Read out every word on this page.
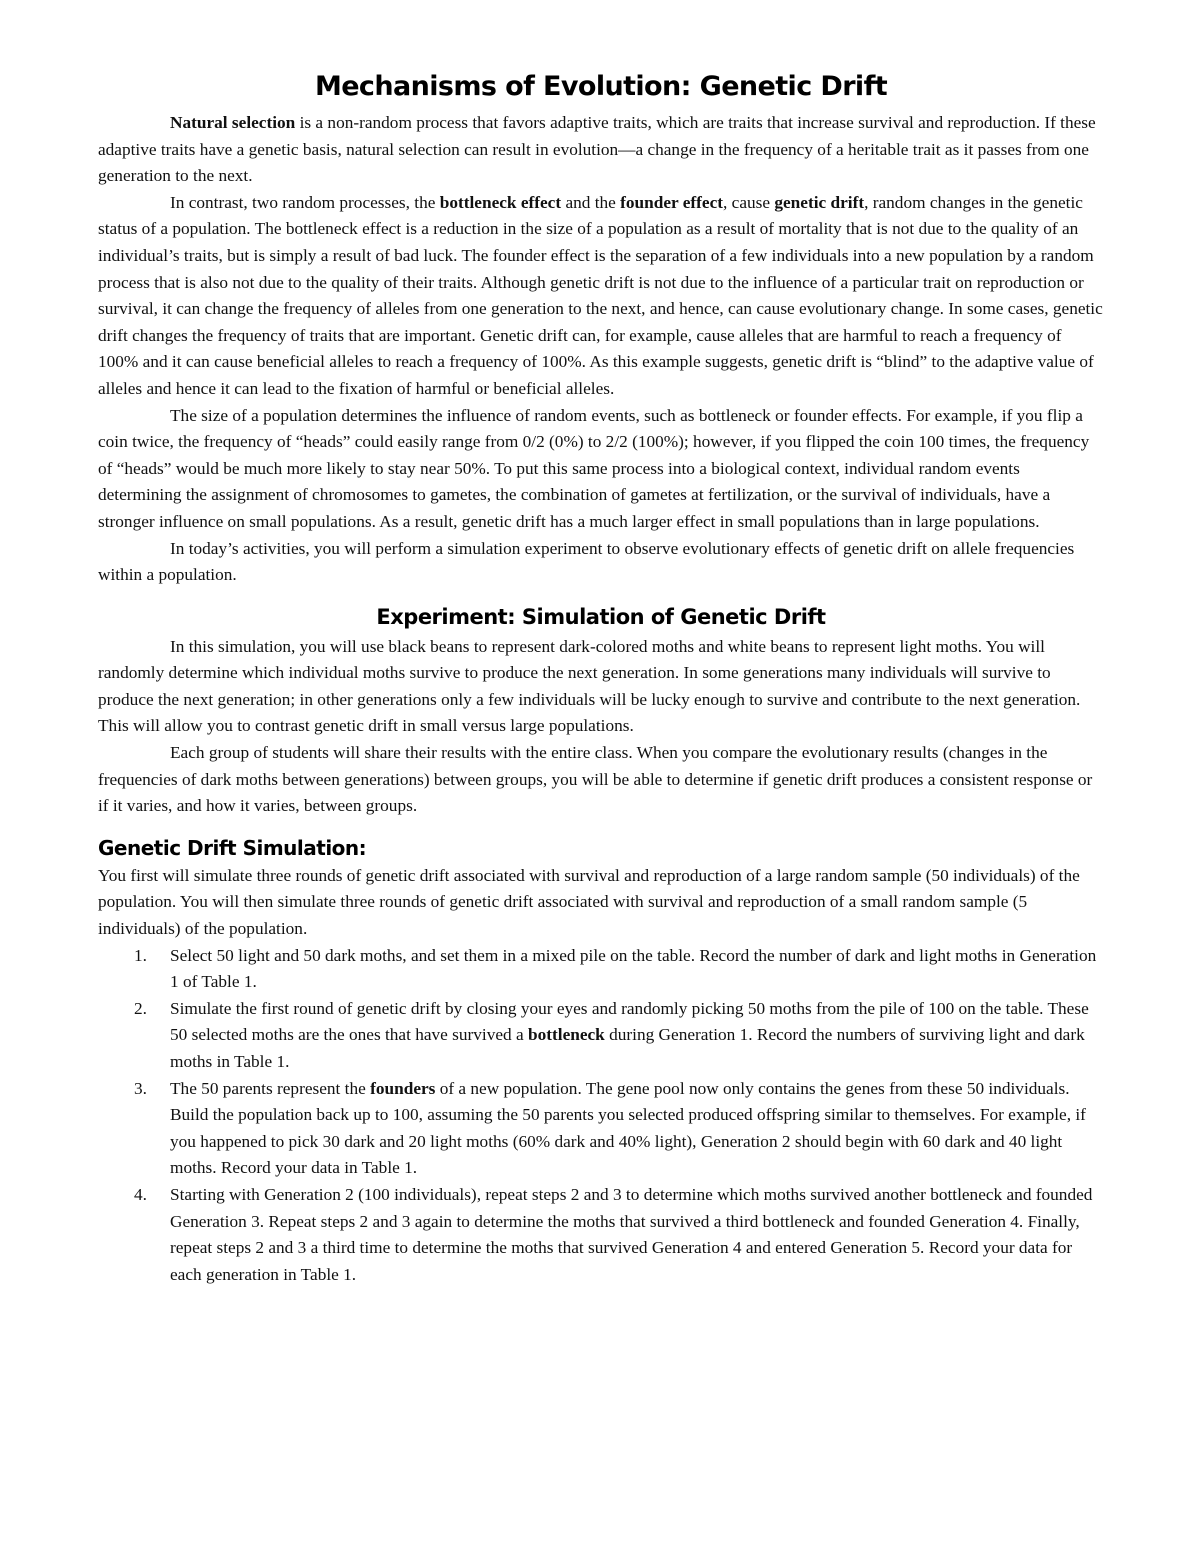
Mechanisms of Evolution: Genetic Drift

Natural selection is a non-random process that favors adaptive traits, which are traits that increase survival and reproduction. If these adaptive traits have a genetic basis, natural selection can result in evolution—a change in the frequency of a heritable trait as it passes from one generation to the next.

In contrast, two random processes, the bottleneck effect and the founder effect, cause genetic drift, random changes in the genetic status of a population. The bottleneck effect is a reduction in the size of a population as a result of mortality that is not due to the quality of an individual’s traits, but is simply a result of bad luck. The founder effect is the separation of a few individuals into a new population by a random process that is also not due to the quality of their traits. Although genetic drift is not due to the influence of a particular trait on reproduction or survival, it can change the frequency of alleles from one generation to the next, and hence, can cause evolutionary change. In some cases, genetic drift changes the frequency of traits that are important. Genetic drift can, for example, cause alleles that are harmful to reach a frequency of 100% and it can cause beneficial alleles to reach a frequency of 100%. As this example suggests, genetic drift is “blind” to the adaptive value of alleles and hence it can lead to the fixation of harmful or beneficial alleles.

The size of a population determines the influence of random events, such as bottleneck or founder effects. For example, if you flip a coin twice, the frequency of “heads” could easily range from 0/2 (0%) to 2/2 (100%); however, if you flipped the coin 100 times, the frequency of “heads” would be much more likely to stay near 50%. To put this same process into a biological context, individual random events determining the assignment of chromosomes to gametes, the combination of gametes at fertilization, or the survival of individuals, have a stronger influence on small populations. As a result, genetic drift has a much larger effect in small populations than in large populations.

In today’s activities, you will perform a simulation experiment to observe evolutionary effects of genetic drift on allele frequencies within a population.

Experiment: Simulation of Genetic Drift

In this simulation, you will use black beans to represent dark-colored moths and white beans to represent light moths. You will randomly determine which individual moths survive to produce the next generation. In some generations many individuals will survive to produce the next generation; in other generations only a few individuals will be lucky enough to survive and contribute to the next generation. This will allow you to contrast genetic drift in small versus large populations.

Each group of students will share their results with the entire class. When you compare the evolutionary results (changes in the frequencies of dark moths between generations) between groups, you will be able to determine if genetic drift produces a consistent response or if it varies, and how it varies, between groups.

Genetic Drift Simulation:

You first will simulate three rounds of genetic drift associated with survival and reproduction of a large random sample (50 individuals) of the population. You will then simulate three rounds of genetic drift associated with survival and reproduction of a small random sample (5 individuals) of the population.

1.	Select 50 light and 50 dark moths, and set them in a mixed pile on the table. Record the number of dark and light moths in Generation 1 of Table 1.
2.	Simulate the first round of genetic drift by closing your eyes and randomly picking 50 moths from the pile of 100 on the table. These 50 selected moths are the ones that have survived a bottleneck during Generation 1. Record the numbers of surviving light and dark moths in Table 1.
3.	The 50 parents represent the founders of a new population. The gene pool now only contains the genes from these 50 individuals. Build the population back up to 100, assuming the 50 parents you selected produced offspring similar to themselves. For example, if you happened to pick 30 dark and 20 light moths (60% dark and 40% light), Generation 2 should begin with 60 dark and 40 light moths. Record your data in Table 1.
4.	Starting with Generation 2 (100 individuals), repeat steps 2 and 3 to determine which moths survived another bottleneck and founded Generation 3. Repeat steps 2 and 3 again to determine the moths that survived a third bottleneck and founded Generation 4. Finally, repeat steps 2 and 3 a third time to determine the moths that survived Generation 4 and entered Generation 5. Record your data for each generation in Table 1.
